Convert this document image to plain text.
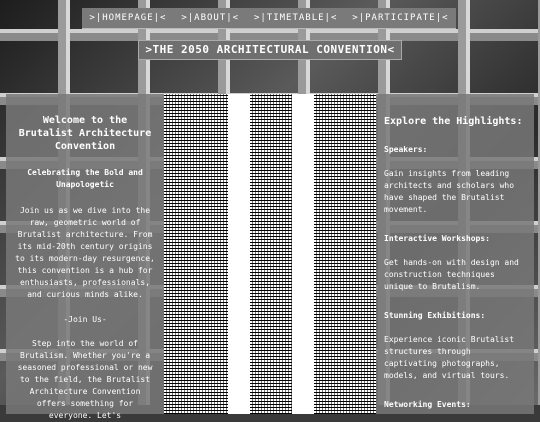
>|HOMEPAGE|< >|ABOUT|< >|TIMETABLE|< >|PARTICIPATE|<
>THE 2050 ARCHITECTURAL CONVENTION<
Welcome to the Brutalist Architecture Convention
Celebrating the Bold and Unapologetic
Join us as we dive into the raw, geometric world of Brutalist architecture. From its mid-20th century origins to its modern-day resurgence, this convention is a hub for enthusiasts, professionals, and curious minds alike.
-Join Us-
Step into the world of Brutalism. Whether you're a seasoned professional or new to the field, the Brutalist Architecture Convention offers something for everyone. Let's
Explore the Highlights:
Speakers:
Gain insights from leading architects and scholars who have shaped the Brutalist movement.
Interactive Workshops:
Get hands-on with design and construction techniques unique to Brutalism.
Stunning Exhibitions:
Experience iconic Brutalist structures through captivating photographs, models, and virtual tours.
Networking Events:
